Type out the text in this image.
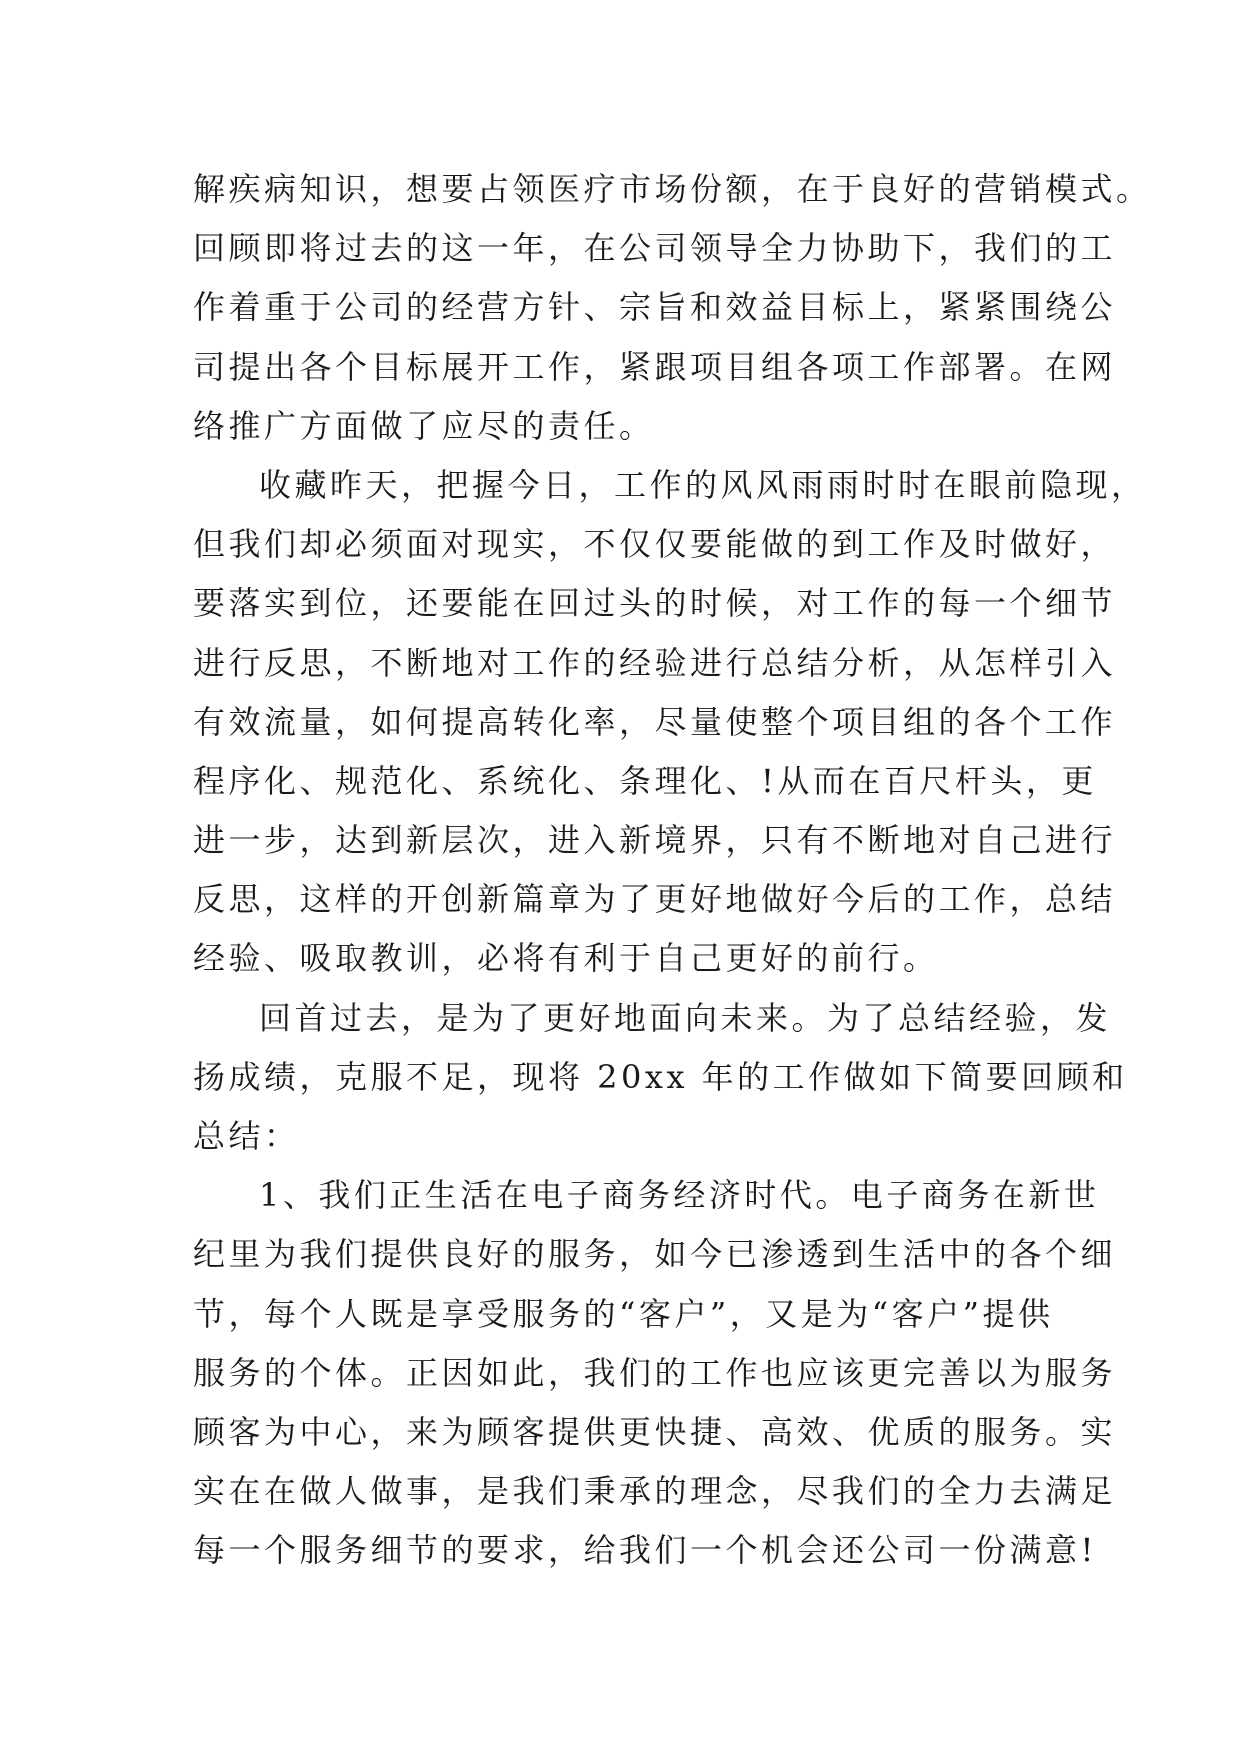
解疾病知识，想要占领医疗市场份额，在于良好的营销模式。
回顾即将过去的这一年，在公司领导全力协助下，我们的工
作着重于公司的经营方针、宗旨和效益目标上，紧紧围绕公
司提出各个目标展开工作，紧跟项目组各项工作部署。在网
络推广方面做了应尽的责任。
收藏昨天，把握今日，工作的风风雨雨时时在眼前隐现，
但我们却必须面对现实，不仅仅要能做的到工作及时做好，
要落实到位，还要能在回过头的时候，对工作的每一个细节
进行反思，不断地对工作的经验进行总结分析，从怎样引入
有效流量，如何提高转化率，尽量使整个项目组的各个工作
程序化、规范化、系统化、条理化、!从而在百尺杆头，更
进一步，达到新层次，进入新境界，只有不断地对自己进行
反思，这样的开创新篇章为了更好地做好今后的工作，总结
经验、吸取教训，必将有利于自己更好的前行。
回首过去，是为了更好地面向未来。为了总结经验，发
扬成绩，克服不足，现将 20xx 年的工作做如下简要回顾和
总结：
1、我们正生活在电子商务经济时代。电子商务在新世
纪里为我们提供良好的服务，如今已渗透到生活中的各个细
节，每个人既是享受服务的“客户”，又是为“客户”提供
服务的个体。正因如此，我们的工作也应该更完善以为服务
顾客为中心，来为顾客提供更快捷、高效、优质的服务。实
实在在做人做事，是我们秉承的理念，尽我们的全力去满足
每一个服务细节的要求，给我们一个机会还公司一份满意!
